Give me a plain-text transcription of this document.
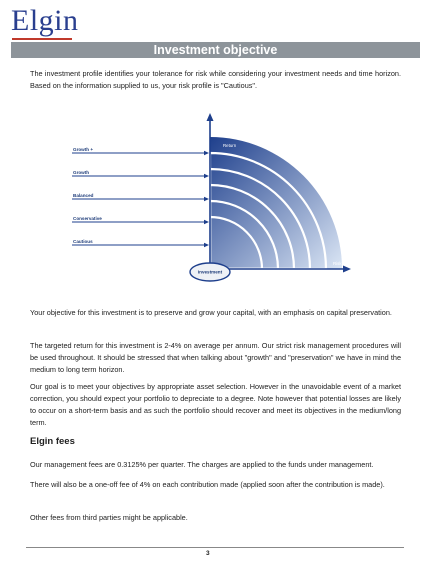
Elgin
Investment objective

The investment profile identifies your tolerance for risk while considering your investment needs and time horizon. Based on the information supplied to us, your risk profile is "Cautious".

Return
Risk
Growth +
Growth
Balanced
Conservative
Cautious
Investment

Your objective for this investment is to preserve and grow your capital, with an emphasis on capital preservation.

The targeted return for this investment is 2-4% on average per annum. Our strict risk management procedures will be used throughout. It should be stressed that when talking about "growth" and "preservation" we have in mind the medium to long term horizon.

Our goal is to meet your objectives by appropriate asset selection. However in the unavoidable event of a market correction, you should expect your portfolio to depreciate to a degree. Note however that potential losses are likely to occur on a short-term basis and as such the portfolio should recover and meet its objectives in the medium/long term.

Elgin fees

Our management fees are 0.3125% per quarter. The charges are applied to the funds under management.

There will also be a one-off fee of 4% on each contribution made (applied soon after the contribution is made).

Other fees from third parties might be applicable.

3
